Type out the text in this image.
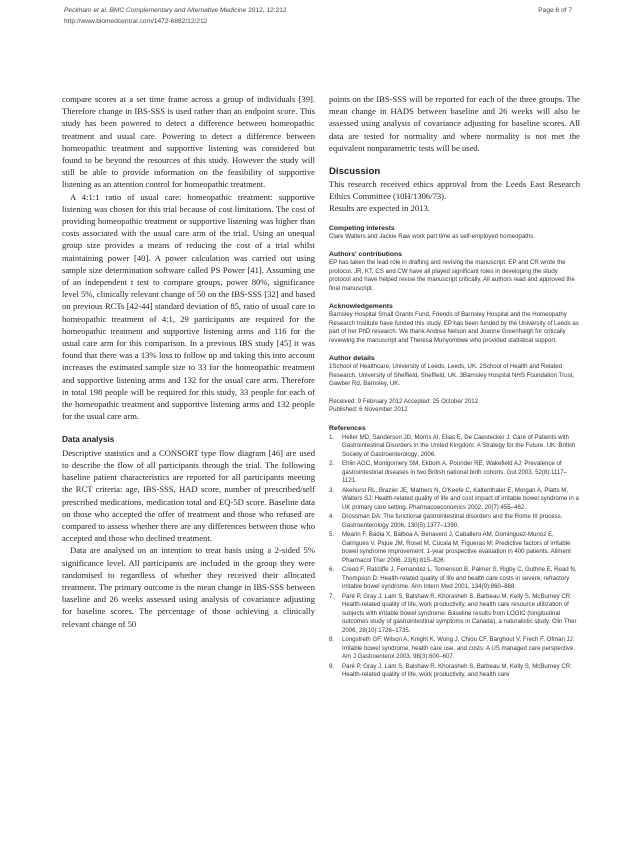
Peckham et al. BMC Complementary and Alternative Medicine 2012, 12:212
http://www.biomedcentral.com/1472-6882/12/212
Page 6 of 7

compare scores at a set time frame across a group of individuals [39]. Therefore change in IBS-SSS is used rather than an endpoint score. This study has been powered to detect a difference between homeopathic treatment and usual care. Powering to detect a difference between homeopathic treatment and supportive listening was considered but found to be beyond the resources of this study. However the study will still be able to provide information on the feasibility of supportive listening as an attention control for homeopathic treatment.

A 4:1:1 ratio of usual care: homeopathic treatment: supportive listening was chosen for this trial because of cost limitations. The cost of providing homeopathic treatment or supportive listening was higher than costs associated with the usual care arm of the trial. Using an unequal group size provides a means of reducing the cost of a trial whilst maintaining power [40]. A power calculation was carried out using sample size determination software called PS Power [41]. Assuming use of an independent t test to compare groups, power 80%, significance level 5%, clinically relevant change of 50 on the IBS-SSS [32] and based on previous RCTs [42-44] standard deviation of 85, ratio of usual care to homeopathic treatment of 4:1, 29 participants are required for the homeopathic treatment and supportive listening arms and 116 for the usual care arm for this comparison. In a previous IBS study [45] it was found that there was a 13% loss to follow up and taking this into account increases the estimated sample size to 33 for the homeopathic treatment and supportive listening arms and 132 for the usual care arm. Therefore in total 198 people will be required for this study, 33 people for each of the homeopathic treatment and supportive listening arms and 132 people for the usual care arm.

Data analysis

Descriptive statistics and a CONSORT type flow diagram [46] are used to describe the flow of all participants through the trial. The following baseline patient characteristics are reported for all participants meeting the RCT criteria: age, IBS-SSS, HAD score, number of prescribed/self prescribed medications, medication total and EQ-5D score. Baseline data on those who accepted the offer of treatment and those who refused are compared to assess whether there are any differences between those who accepted and those who declined treatment.

Data are analysed on an intention to treat basis using a 2-sided 5% significance level. All participants are included in the group they were randomised to regardless of whether they received their allocated treatment. The primary outcome is the mean change in IBS-SSS between baseline and 26 weeks assessed using analysis of covariance adjusting for baseline scores. The percentage of those achieving a clinically relevant change of 50

points on the IBS-SSS will be reported for each of the three groups. The mean change in HADS between baseline and 26 weeks will also be assessed using analysis of covariance adjusting for baseline scores. All data are tested for normality and where normality is not met the equivalent nonparametric tests will be used.

Discussion

This research received ethics approval from the Leeds East Research Ethics Committee (10H/1306/73).

Results are expected in 2013.

Competing interests

Clare Walters and Jackie Raw work part time as self-employed homeopaths.

Authors' contributions

EP has taken the lead role in drafting and revising the manuscript. EP and CR wrote the protocol. JR, KT, CS and CW have all played significant roles in developing the study protocol and have helped revise the manuscript critically. All authors read and approved the final manuscript.

Acknowledgements

Barnsley Hospital Small Grants Fund, Friends of Barnsley Hospital and the Homeopathy Research Institute have funded this study. EP has been funded by the University of Leeds as part of her PhD research. We thank Andrea Nelson and Joanne Greenhalgh for critically reviewing the manuscript and Theresa Munyombwe who provided statistical support.

Author details

1School of Healthcare, University of Leeds, Leeds, UK. 2School of Health and Related Research, University of Sheffield, Sheffield, UK. 3Barnsley Hospital NHS Foundation Trust, Gawber Rd, Barnsley, UK.

Received: 9 February 2012 Accepted: 25 October 2012

Published: 6 November 2012

References

1.	Heller MD, Sanderson JD, Morris AI, Elias E, De Caestecker J: Care of Patients with Gastrointestinal Disorders in the United Kingdom: A Strategy for the Future. UK: British Society of Gastroenterology; 2006.
2.	Ehlin AGC, Montgomery SM, Ekbom A, Pounder RE, Wakefield AJ: Prevalence of gastrointestinal diseases in two British national birth cohorts. Gut 2003, 52(8):1117–1121.
3.	Akehurst RL, Brazier JE, Mathers N, O'Keefe C, Kaltenthaler E, Morgan A, Platts M, Walters SJ: Health-related quality of life and cost impact of irritable bowel syndrome in a UK primary care setting. Pharmacoeconomics 2002, 20(7):455–462.
4.	Drossman DA: The functional gastrointestinal disorders and the Rome III process. Gastroenterology 2006, 130(5):1377–1390.
5.	Mearin F, Badia X, Balboa A, Benavent J, Caballero AM, Dominguez-Munoz E, Garrigues V, Pique JM, Roset M, Cucala M, Figueras M: Predictive factors of irritable bowel syndrome improvement: 1-year prospective evaluation in 400 patients. Aliment Pharmacol Ther 2006, 23(6):815–826.
6.	Creed F, Ratcliffe J, Fernandez L, Tomenson B, Palmer S, Rigby C, Guthrie E, Read N, Thompson D: Health-related quality of life and health care costs in severe, refractory irritable bowel syndrome. Ann Intern Med 2001, 134(9):860–868.
7.	Paré P, Gray J, Lam S, Balshaw R, Khorasheh S, Barbeau M, Kelly S, McBurney CR: Health-related quality of life, work productivity, and health care resource utilization of subjects with irritable bowel syndrome: Baseline results from LOGIC (longitudinal outcomes study of gastrointestinal symptoms in Canada), a naturalistic study. Clin Ther 2006, 28(10):1726–1735.
8.	Longstreth GF, Wilson A, Knight K, Wong J, Chiou CF, Barghout V, Frech F, Ofman JJ: Irritable bowel syndrome, health care use, and costs: A US managed care perspective. Am J Gastroenterol 2003, 98(3):600–607.
9.	Paré P, Gray J, Lam S, Balshaw R, Khorasheh S, Barbeau M, Kelly S, McBurney CR: Health-related quality of life, work productivity, and health care
